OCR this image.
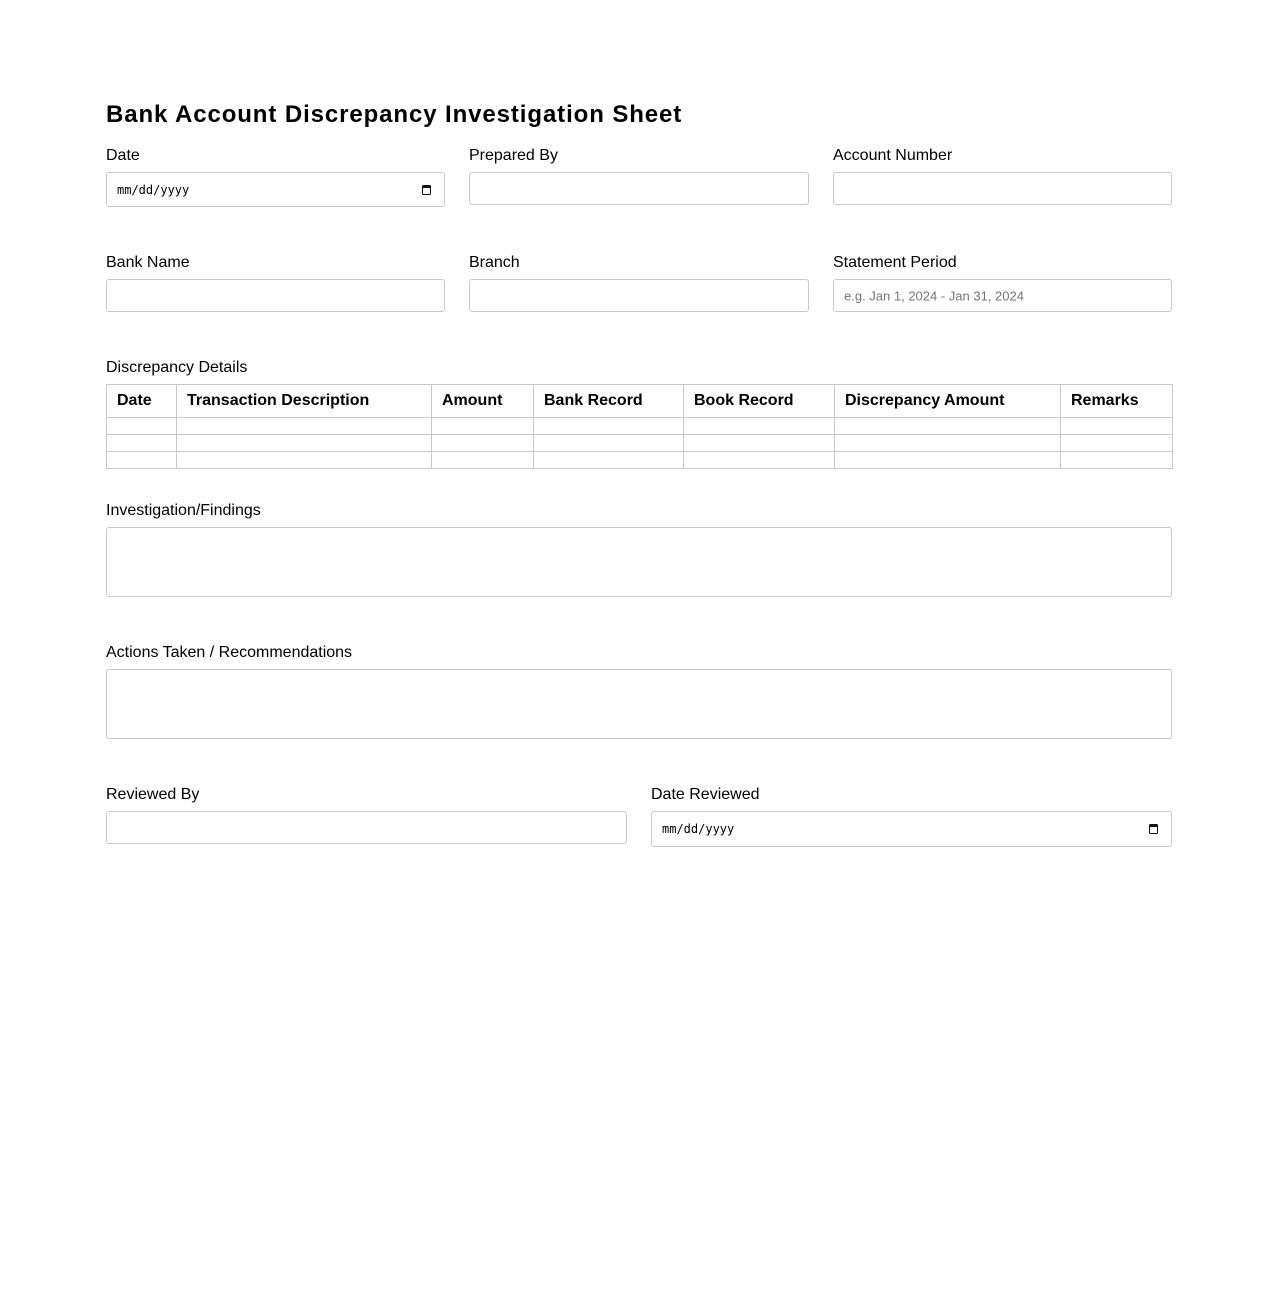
Bank Account Discrepancy Investigation Sheet
Date
mm/dd/yyyy
Prepared By	Account Number
Bank Name	Branch	Statement Period
e.g. Jan 1, 2024 - Jan 31, 2024
Discrepancy Details
Date	Transaction Description	Amount	Bank Record	Book Record	Discrepancy Amount	Remarks

Investigation/Findings
Actions Taken / Recommendations
Reviewed By	Date Reviewed
mm/dd/yyyy
